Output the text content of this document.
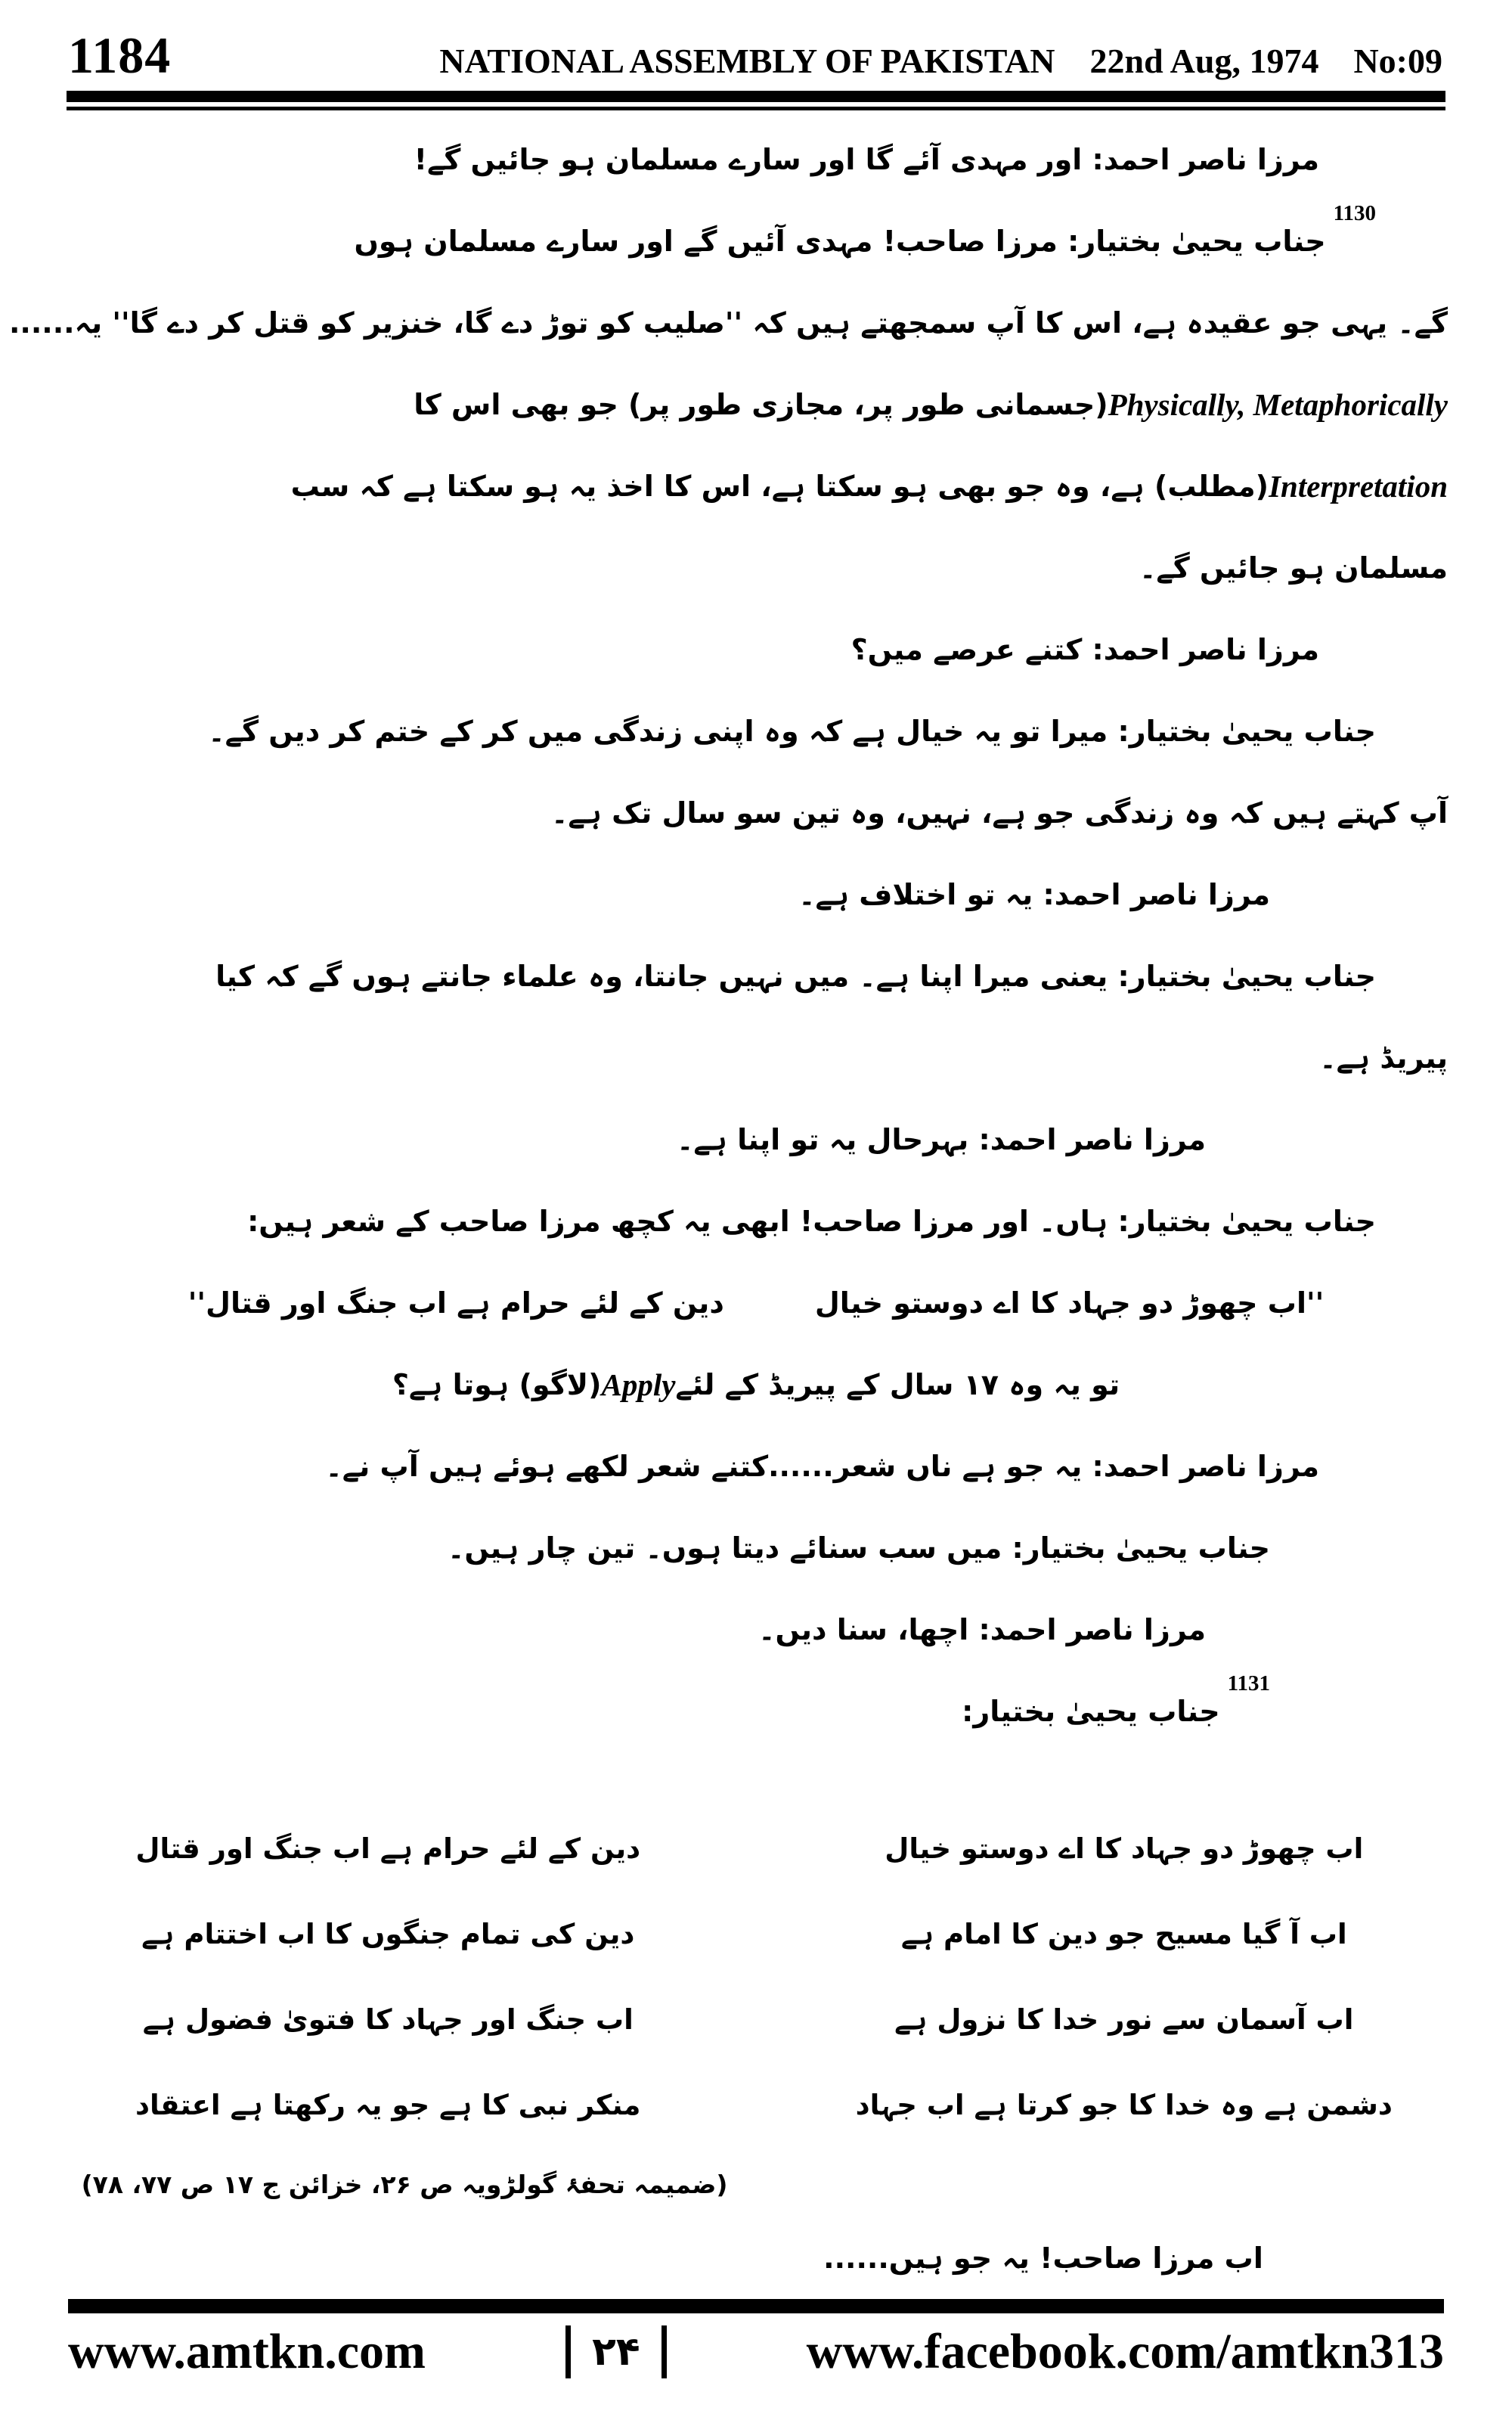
1184	NATIONAL ASSEMBLY OF PAKISTAN 22nd Aug, 1974 No:09
مرزا ناصر احمد: اور مہدی آئے گا اور سارے مسلمان ہو جائیں گے!
1130
جناب یحییٰ بختیار: مرزا صاحب! مہدی آئیں گے اور سارے مسلمان ہوں
گے۔ یہی جو عقیدہ ہے، اس کا آپ سمجھتے ہیں کہ ''صلیب کو توڑ دے گا، خنزیر کو قتل کر دے گا'' یہ......
Physically, Metaphorically
(جسمانی طور پر، مجازی طور پر) جو بھی اس کا
Interpretation
(مطلب) ہے، وہ جو بھی ہو سکتا ہے، اس کا اخذ یہ ہو سکتا ہے کہ سب
مسلمان ہو جائیں گے۔
مرزا ناصر احمد: کتنے عرصے میں؟
جناب یحییٰ بختیار: میرا تو یہ خیال ہے کہ وہ اپنی زندگی میں کر کے ختم کر دیں گے۔
آپ کہتے ہیں کہ وہ زندگی جو ہے، نہیں، وہ تین سو سال تک ہے۔
مرزا ناصر احمد: یہ تو اختلاف ہے۔
جناب یحییٰ بختیار: یعنی میرا اپنا ہے۔ میں نہیں جانتا، وہ علماء جانتے ہوں گے کہ کیا
پیریڈ ہے۔
مرزا ناصر احمد: بہرحال یہ تو اپنا ہے۔
جناب یحییٰ بختیار: ہاں۔ اور مرزا صاحب! ابھی یہ کچھ مرزا صاحب کے شعر ہیں:
''اب چھوڑ دو جہاد کا اے دوستو خیال
دین کے لئے حرام ہے اب جنگ اور قتال''
تو یہ وہ ۱۷ سال کے پیریڈ کے لئے
Apply
(لاگو) ہوتا ہے؟
مرزا ناصر احمد: یہ جو ہے ناں شعر......کتنے شعر لکھے ہوئے ہیں آپ نے۔
جناب یحییٰ بختیار: میں سب سنائے دیتا ہوں۔ تین چار ہیں۔
مرزا ناصر احمد: اچھا، سنا دیں۔
1131
جناب یحییٰ بختیار:
اب چھوڑ دو جہاد کا اے دوستو خیال
دین کے لئے حرام ہے اب جنگ اور قتال
اب آ گیا مسیح جو دین کا امام ہے
دین کی تمام جنگوں کا اب اختتام ہے
اب آسمان سے نور خدا کا نزول ہے
اب جنگ اور جہاد کا فتویٰ فضول ہے
دشمن ہے وہ خدا کا جو کرتا ہے اب جہاد
منکر نبی کا ہے جو یہ رکھتا ہے اعتقاد
(ضمیمہ تحفۂ گولڑویہ ص ۲۶، خزائن ج ۱۷ ص ۷۷، ۷۸)
اب مرزا صاحب! یہ جو ہیں......
www.amtkn.com	۲۴	www.facebook.com/amtkn313
